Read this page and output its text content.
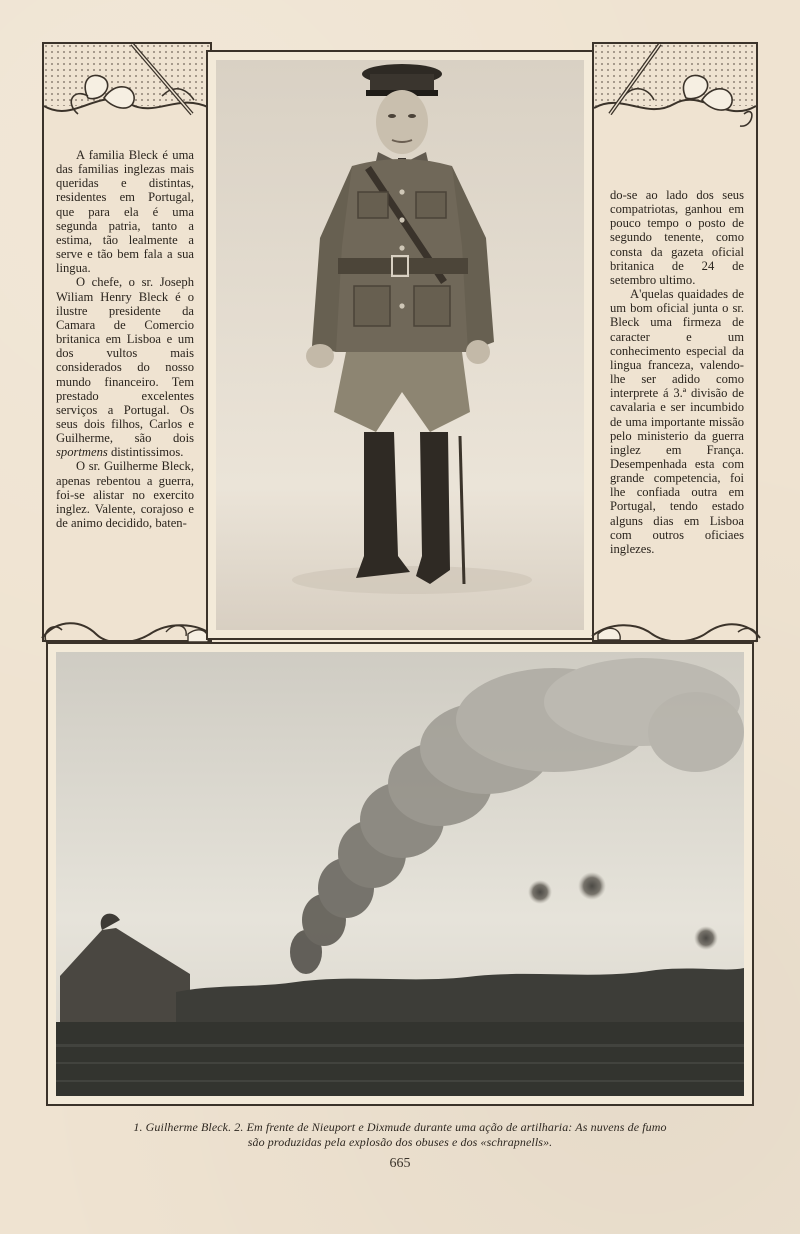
A familia Bleck é uma das familias inglezas mais queridas e distintas, residentes em Portugal, que para ela é uma segunda patria, tanto a estima, tão lealmente a serve e tão bem fala a sua lingua.

O chefe, o sr. Joseph Wiliam Henry Bleck é o ilustre presidente da Camara de Comercio britanica em Lisboa e um dos vultos mais considerados do nosso mundo financeiro. Tem prestado excelentes serviços a Portugal. Os seus dois filhos, Carlos e Guilherme, são dois sportmens distintissimos.

O sr. Guilherme Bleck, apenas rebentou a guerra, foi-se alistar no exercito inglez. Valente, corajoso e de animo decidido, baten-

do-se ao lado dos seus compatriotas, ganhou em pouco tempo o posto de segundo tenente, como consta da gazeta oficial britanica de 24 de setembro ultimo.

A'quelas quaidades de um bom oficial junta o sr. Bleck uma firmeza de caracter e um conhecimento especial da lingua franceza, valendo-lhe ser adido como interprete á 3.ª divisão de cavalaria e ser incumbido de uma importante missão pelo ministerio da guerra inglez em França. Desempenhada esta com grande competencia, foi lhe confiada outra em Portugal, tendo estado alguns dias em Lisboa com outros oficiaes inglezes.

1. Guilherme Bleck. 2. Em frente de Nieuport e Dixmude durante uma ação de artilharia: As nuvens de fumo
são produzidas pela explosão dos obuses e dos «schrapnells».
665
